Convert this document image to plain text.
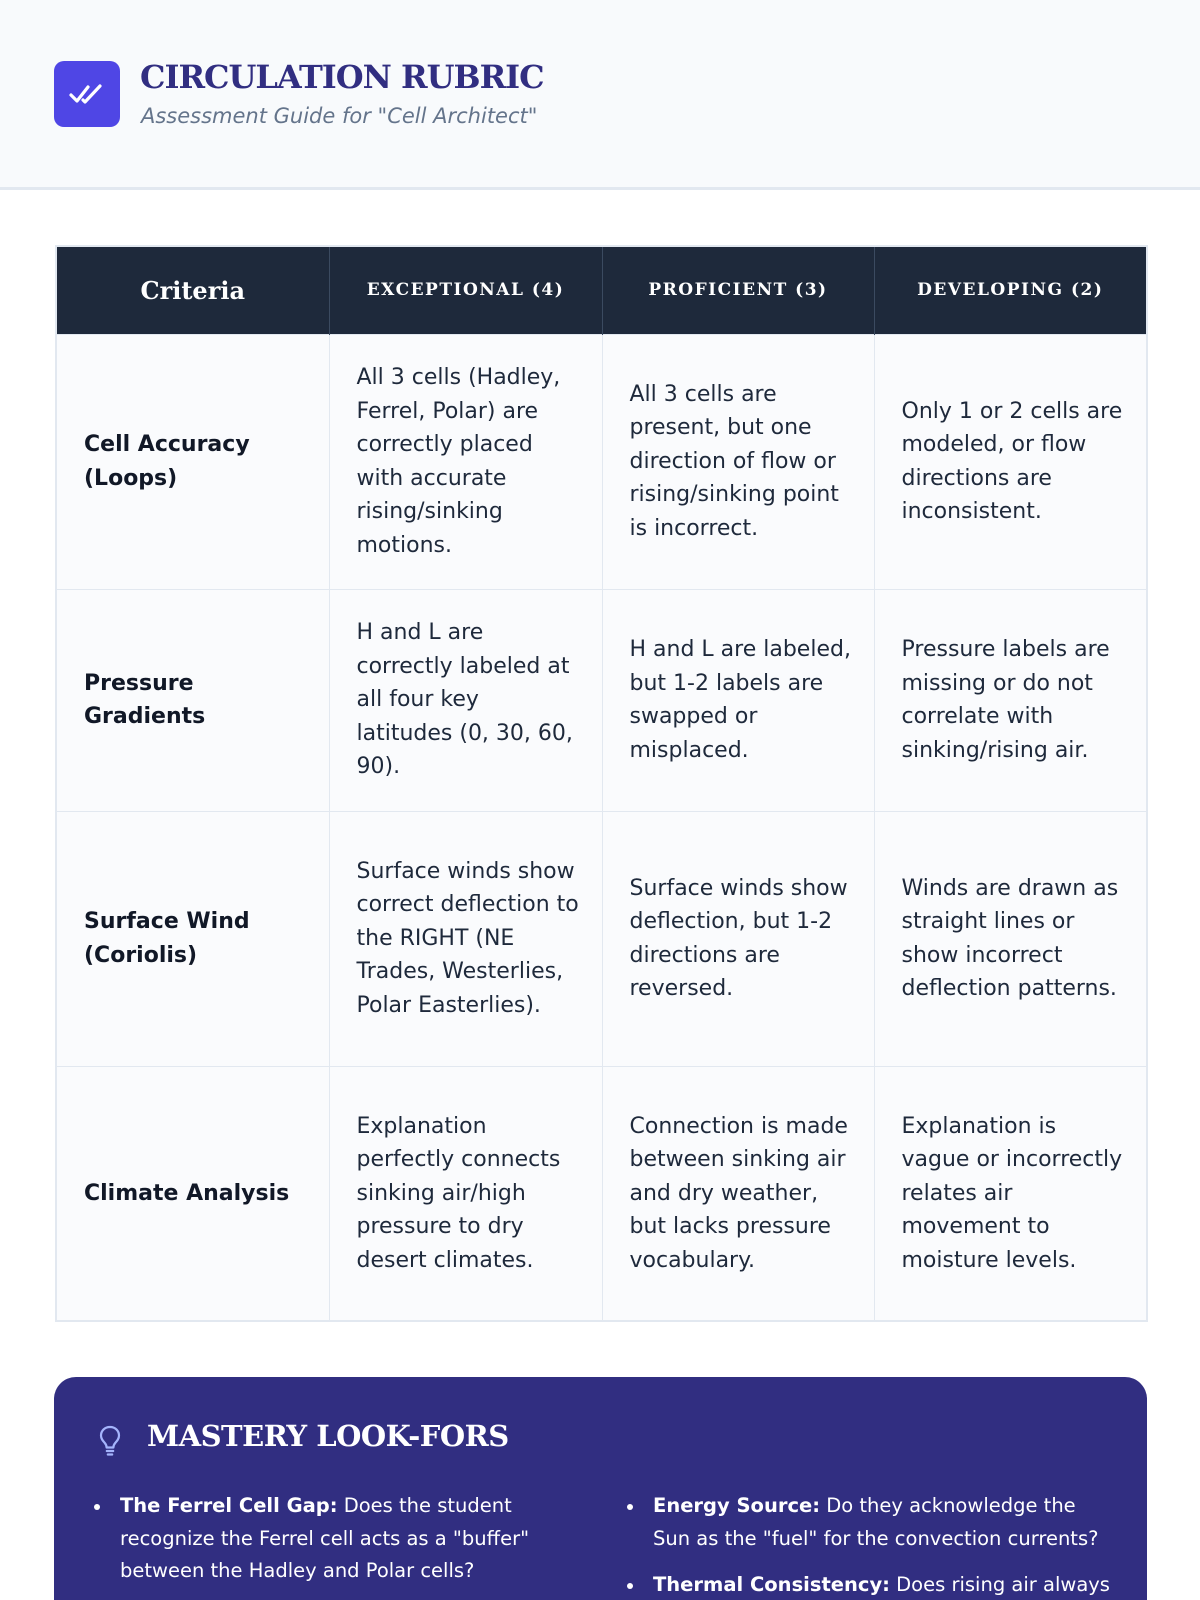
CIRCULATION RUBRIC

Assessment Guide for "Cell Architect"

Criteria	EXCEPTIONAL (4)	PROFICIENT (3)	DEVELOPING (2)
Cell Accuracy (Loops)	All 3 cells (Hadley, Ferrel, Polar) are correctly placed with accurate rising/sinking motions.	All 3 cells are present, but one direction of flow or rising/sinking point is incorrect.	Only 1 or 2 cells are modeled, or flow directions are inconsistent.
Pressure Gradients	H and L are correctly labeled at all four key latitudes (0, 30, 60, 90).	H and L are labeled, but 1-2 labels are swapped or misplaced.	Pressure labels are missing or do not correlate with sinking/rising air.
Surface Wind (Coriolis)	Surface winds show correct deflection to the RIGHT (NE Trades, Westerlies, Polar Easterlies).	Surface winds show deflection, but 1-2 directions are reversed.	Winds are drawn as straight lines or show incorrect deflection patterns.
Climate Analysis	Explanation perfectly connects sinking air/high pressure to dry desert climates.	Connection is made between sinking air and dry weather, but lacks pressure vocabulary.	Explanation is vague or incorrectly relates air movement to moisture levels.
MASTERY LOOK-FORS
The Ferrel Cell Gap: Does the student recognize the Ferrel cell acts as a "buffer" between the Hadley and Polar cells?
Energy Source: Do they acknowledge the Sun as the "fuel" for the convection currents?
Thermal Consistency: Does rising air always
